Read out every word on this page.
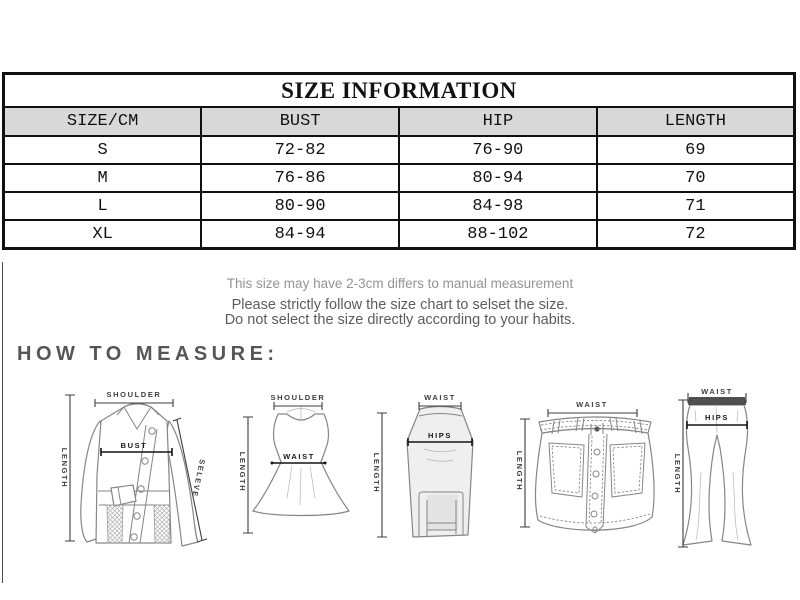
SIZE INFORMATION			
SIZE/CM	BUST	HIP	LENGTH
S	72-82	76-90	69
M	76-86	80-94	70
L	80-90	84-98	71
XL	84-94	88-102	72

This size may have 2-3cm differs to manual measurement

Please strictly follow the size chart to selset the size.

Do not select the size directly according to your habits.

HOW TO MEASURE:
SHOULDER
BUST
LENGTH	SELEVE
SHOULDER
WAIST
LENGTH
WAIST
HIPS
LENGTH
WAIST
LENGTH
WAIST
HIPS
LENGTH
